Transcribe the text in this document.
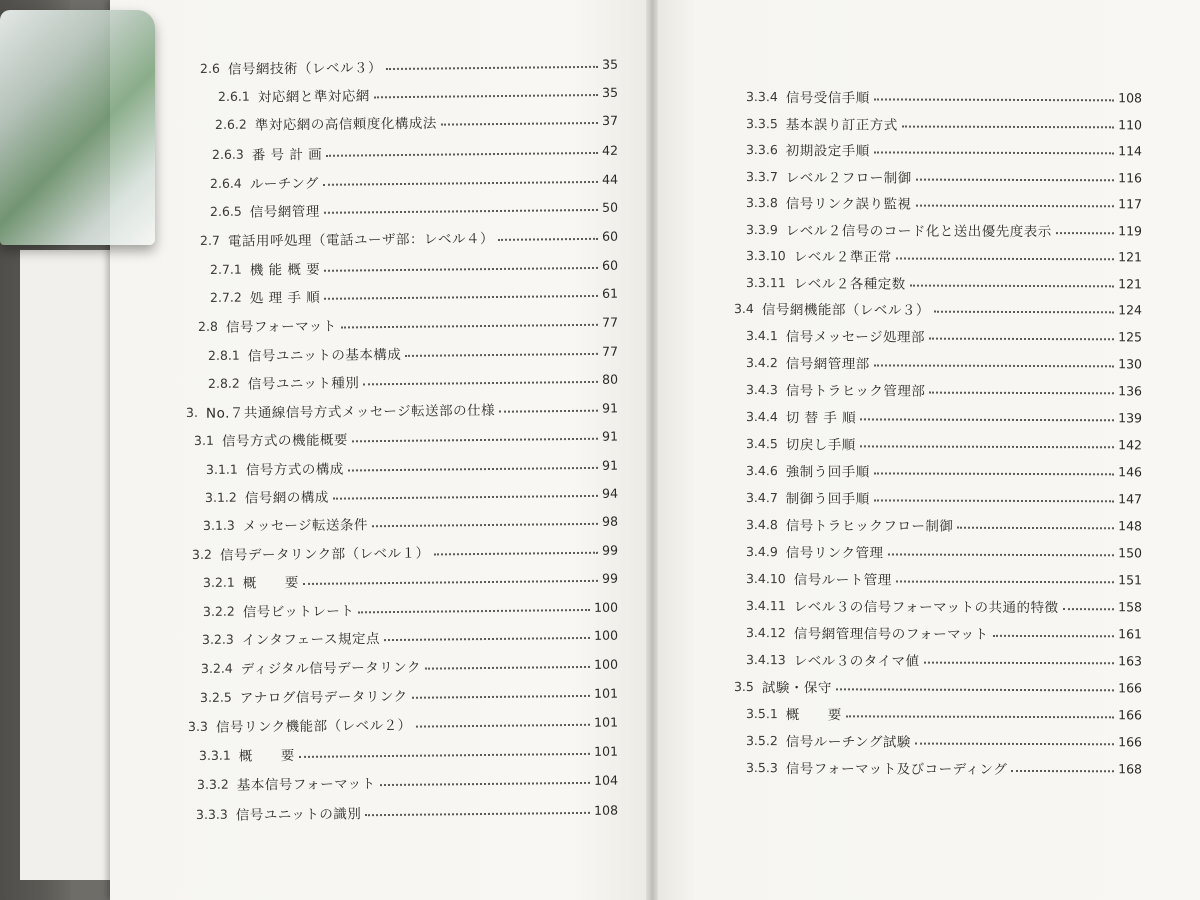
2.6 信号網技術（レベル３）	35
2.6.1 対応網と準対応網	35
2.6.2 準対応網の高信頼度化構成法	37
2.6.3 番 号 計 画	42
2.6.4 ルーチング	44
2.6.5 信号網管理	50
2.7 電話用呼処理（電話ユーザ部：レベル４）	60
2.7.1 機 能 概 要	60
2.7.2 処 理 手 順	61
2.8 信号フォーマット	77
2.8.1 信号ユニットの基本構成	77
2.8.2 信号ユニット種別	80
3. No.７共通線信号方式メッセージ転送部の仕様	91
3.1 信号方式の機能概要	91
3.1.1 信号方式の構成	91
3.1.2 信号網の構成	94
3.1.3 メッセージ転送条件	98
3.2 信号データリンク部（レベル１）	99
3.2.1 概　　要	99
3.2.2 信号ビットレート	100
3.2.3 インタフェース規定点	100
3.2.4 ディジタル信号データリンク	100
3.2.5 アナログ信号データリンク	101
3.3 信号リンク機能部（レベル２）	101
3.3.1 概　　要	101
3.3.2 基本信号フォーマット	104
3.3.3 信号ユニットの識別	108
3.3.4 信号受信手順	108
3.3.5 基本誤り訂正方式	110
3.3.6 初期設定手順	114
3.3.7 レベル２フロー制御	116
3.3.8 信号リンク誤り監視	117
3.3.9 レベル２信号のコード化と送出優先度表示	119
3.3.10 レベル２準正常	121
3.3.11 レベル２各種定数	121
3.4 信号網機能部（レベル３）	124
3.4.1 信号メッセージ処理部	125
3.4.2 信号網管理部	130
3.4.3 信号トラヒック管理部	136
3.4.4 切 替 手 順	139
3.4.5 切戻し手順	142
3.4.6 強制う回手順	146
3.4.7 制御う回手順	147
3.4.8 信号トラヒックフロー制御	148
3.4.9 信号リンク管理	150
3.4.10 信号ルート管理	151
3.4.11 レベル３の信号フォーマットの共通的特徴	158
3.4.12 信号網管理信号のフォーマット	161
3.4.13 レベル３のタイマ値	163
3.5 試験・保守	166
3.5.1 概　　要	166
3.5.2 信号ルーチング試験	166
3.5.3 信号フォーマット及びコーディング	168
